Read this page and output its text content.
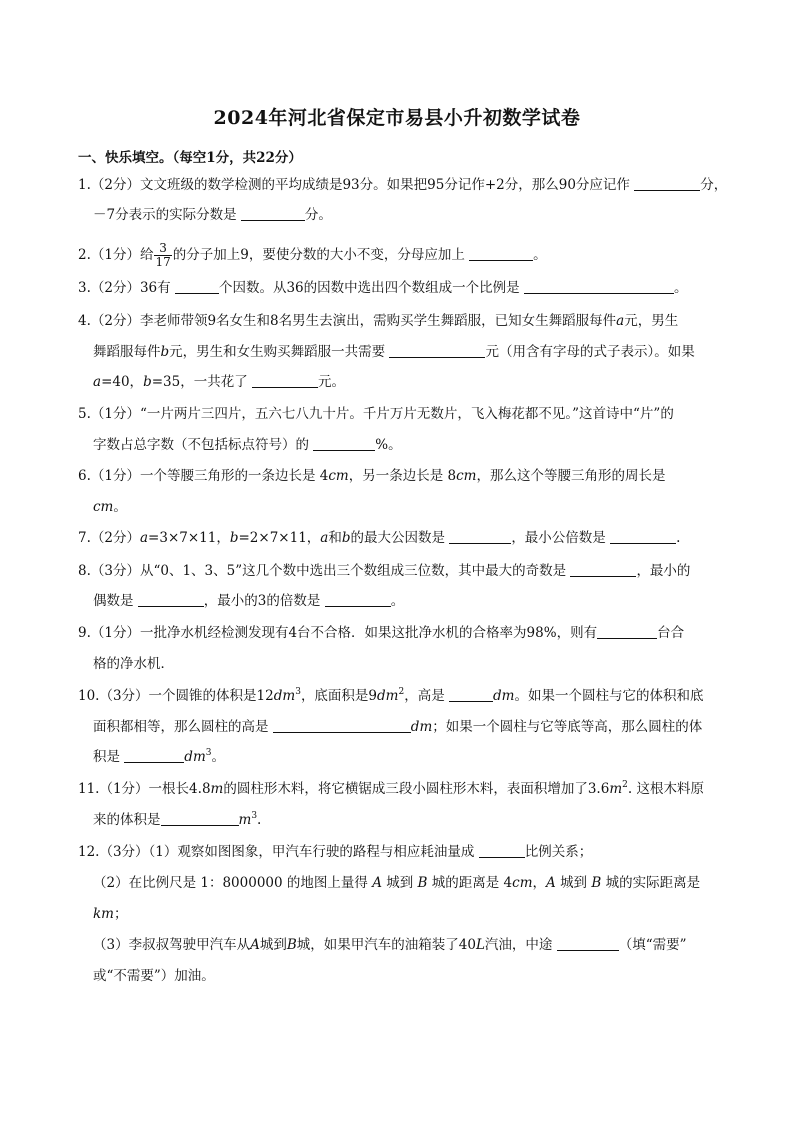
2024年河北省保定市易县小升初数学试卷
一、快乐填空。（每空1分，共22分）
1.（2分）文文班级的数学检测的平均成绩是93分。如果把95分记作+2分，那么90分应记作	分，
－7分表示的实际分数是	分。
2.（1分）给 $\frac{3}{17}$ 的分子加上9，要使分数的大小不变，分母应加上	。
3.（2分）36有	个因数。从36的因数中选出四个数组成一个比例是	。
4.（2分）李老师带领9名女生和8名男生去演出，需购买学生舞蹈服，已知女生舞蹈服每件a元，男生
舞蹈服每件b元，男生和女生购买舞蹈服一共需要	元（用含有字母的式子表示）。如果
a=40，b=35，一共花了	元。
5.（1分）“一片两片三四片，五六七八九十片。千片万片无数片，飞入梅花都不见。”这首诗中“片”的
字数占总字数（不包括标点符号）的	%。
6.（1分）一个等腰三角形的一条边长是 4cm，另一条边长是 8cm，那么这个等腰三角形的周长是
cm。
7.（2分）a=3×7×11，b=2×7×11，a和b的最大公因数是	，最小公倍数是	.
8.（3分）从“0、1、3、5”这几个数中选出三个数组成三位数，其中最大的奇数是	，最小的
偶数是	，最小的3的倍数是	。
9.（1分）一批净水机经检测发现有4台不合格．如果这批净水机的合格率为98%，则有	台合
格的净水机．
10.（3分）一个圆锥的体积是$12dm^3$，底面积是$9dm^2$，高是	dm。如果一个圆柱与它的体积和底
面积都相等，那么圆柱的高是	dm；如果一个圆柱与它等底等高，那么圆柱的体
积是	$dm^3$。
11.（1分）一根长4.8m的圆柱形木料，将它横锯成三段小圆柱形木料，表面积增加了$3.6m^2$. 这根木料原
来的体积是	$m^3$.
12.（3分）（1）观察如图图象，甲汽车行驶的路程与相应耗油量成	比例关系；
（2）在比例尺是 1：8000000 的地图上量得 A 城到 B 城的距离是 4cm，A 城到 B 城的实际距离是
km；
（3）李叔叔驾驶甲汽车从A城到B城，如果甲汽车的油箱装了40L汽油，中途	（填“需要”
或“不需要”）加油。
